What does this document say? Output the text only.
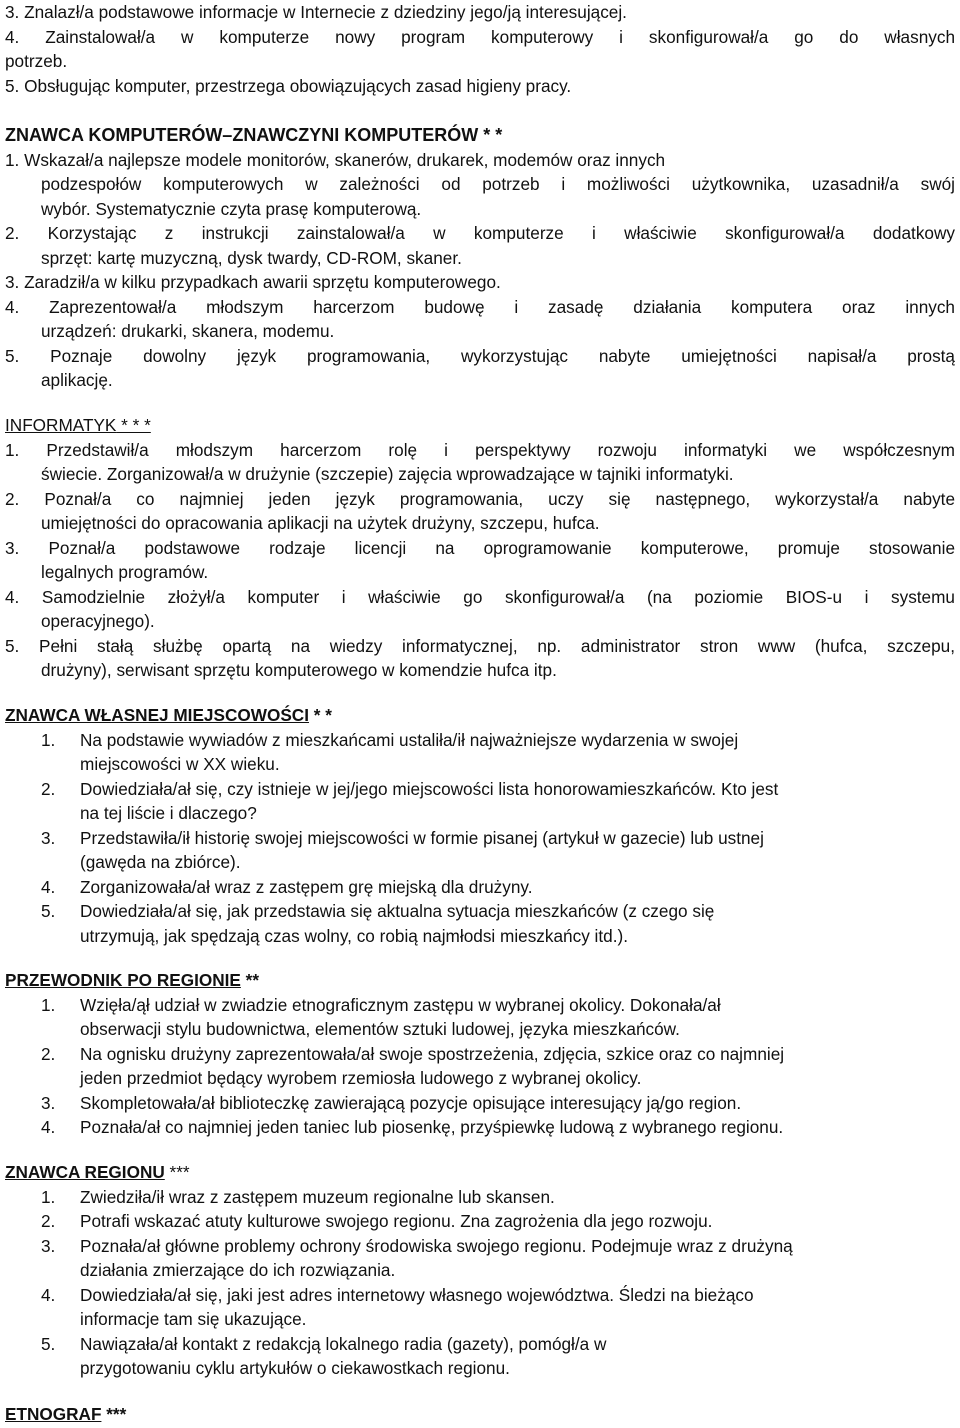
3. Znalazł/a podstawowe informacje w Internecie z dziedziny jego/ją interesującej.
4. Zainstalował/a w komputerze nowy program komputerowy i skonfigurował/a go do własnych
potrzeb.
5. Obsługując komputer, przestrzega obowiązujących zasad higieny pracy.
ZNAWCA KOMPUTERÓW–ZNAWCZYNI KOMPUTERÓW * *
1. Wskazał/a najlepsze modele monitorów, skanerów, drukarek, modemów oraz innych
podzespołów komputerowych w zależności od potrzeb i możliwości użytkownika, uzasadnił/a swój
wybór. Systematycznie czyta prasę komputerową.
2. Korzystając z instrukcji zainstalował/a w komputerze i właściwie skonfigurował/a dodatkowy
sprzęt: kartę muzyczną, dysk twardy, CD-ROM, skaner.
3. Zaradził/a w kilku przypadkach awarii sprzętu komputerowego.
4. Zaprezentował/a młodszym harcerzom budowę i zasadę działania komputera oraz innych
urządzeń: drukarki, skanera, modemu.
5. Poznaje dowolny język programowania, wykorzystując nabyte umiejętności napisał/a prostą
aplikację.
INFORMATYK * * *
1. Przedstawił/a młodszym harcerzom rolę i perspektywy rozwoju informatyki we współczesnym
świecie. Zorganizował/a w drużynie (szczepie) zajęcia wprowadzające w tajniki informatyki.
2. Poznał/a co najmniej jeden język programowania, uczy się następnego, wykorzystał/a nabyte
umiejętności do opracowania aplikacji na użytek drużyny, szczepu, hufca.
3. Poznał/a podstawowe rodzaje licencji na oprogramowanie komputerowe, promuje stosowanie
legalnych programów.
4. Samodzielnie złożył/a komputer i właściwie go skonfigurował/a (na poziomie BIOS-u i systemu
operacyjnego).
5. Pełni stałą służbę opartą na wiedzy informatycznej, np. administrator stron www (hufca, szczepu,
drużyny), serwisant sprzętu komputerowego w komendzie hufca itp.
ZNAWCA WŁASNEJ MIEJSCOWOŚCI * *
1.	Na podstawie wywiadów z mieszkańcami ustaliła/ił najważniejsze wydarzenia w swojej
miejscowości w XX wieku.
2.	Dowiedziała/ał się, czy istnieje w jej/jego miejscowości lista honorowamieszkańców. Kto jest
na tej liście i dlaczego?
3.	Przedstawiła/ił historię swojej miejscowości w formie pisanej (artykuł w gazecie) lub ustnej
(gawęda na zbiórce).
4.	Zorganizowała/ał wraz z zastępem grę miejską dla drużyny.
5.	Dowiedziała/ał się, jak przedstawia się aktualna sytuacja mieszkańców (z czego się
utrzymują, jak spędzają czas wolny, co robią najmłodsi mieszkańcy itd.).
PRZEWODNIK PO REGIONIE **
1.	Wzięła/ął udział w zwiadzie etnograficznym zastępu w wybranej okolicy. Dokonała/ał
obserwacji stylu budownictwa, elementów sztuki ludowej, języka mieszkańców.
2.	Na ognisku drużyny zaprezentowała/ał swoje spostrzeżenia, zdjęcia, szkice oraz co najmniej
jeden przedmiot będący wyrobem rzemiosła ludowego z wybranej okolicy.
3.	Skompletowała/ał biblioteczkę zawierającą pozycje opisujące interesujący ją/go region.
4.	Poznała/ał co najmniej jeden taniec lub piosenkę, przyśpiewkę ludową z wybranego regionu.
ZNAWCA REGIONU ***
1.	Zwiedziła/ił wraz z zastępem muzeum regionalne lub skansen.
2.	Potrafi wskazać atuty kulturowe swojego regionu. Zna zagrożenia dla jego rozwoju.
3.	Poznała/ał główne problemy ochrony środowiska swojego regionu. Podejmuje wraz z drużyną
działania zmierzające do ich rozwiązania.
4.	Dowiedziała/ał się, jaki jest adres internetowy własnego województwa. Śledzi na bieżąco
informacje tam się ukazujące.
5.	Nawiązała/ał kontakt z redakcją lokalnego radia (gazety), pomógł/a w
przygotowaniu cyklu artykułów o ciekawostkach regionu.
ETNOGRAF ***
